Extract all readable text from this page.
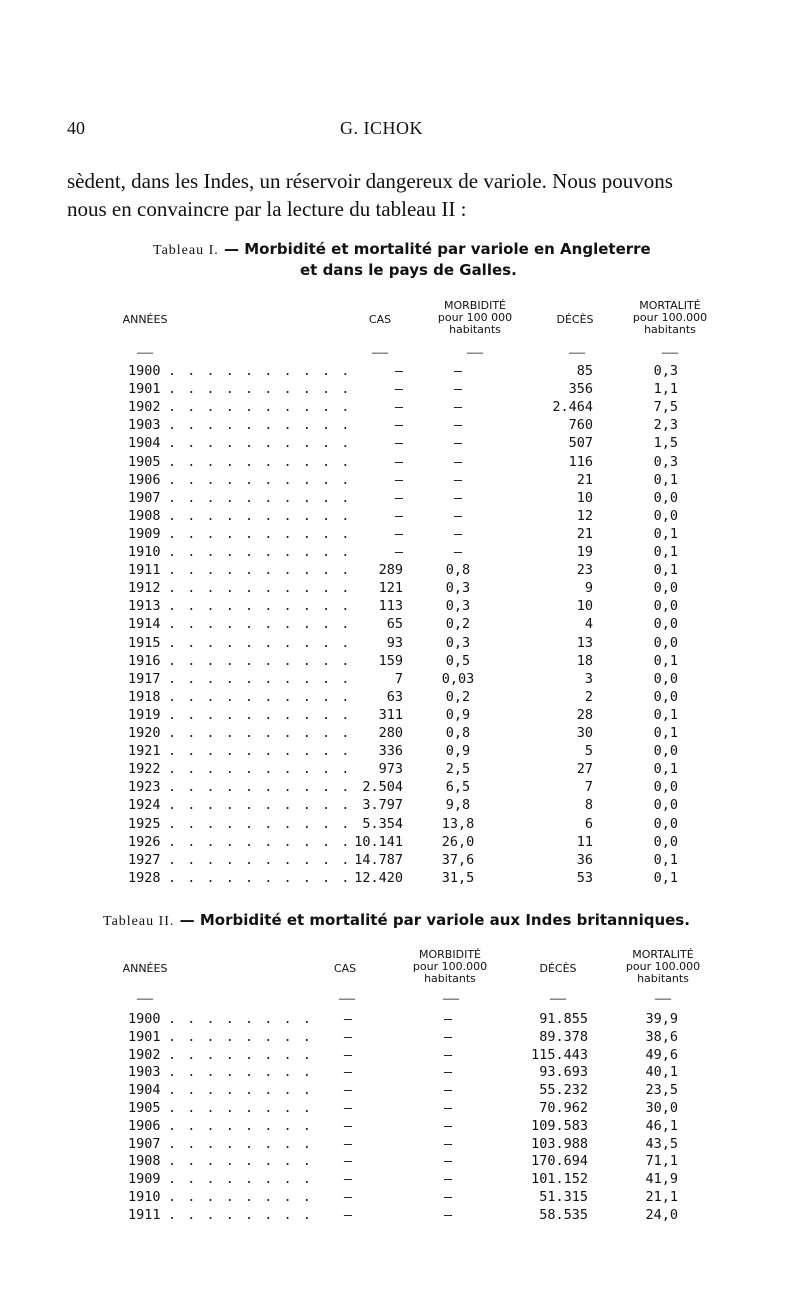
40	G. ICHOK
sèdent, dans les Indes, un réservoir dangereux de variole. Nous pouvons
nous en convaincre par la lecture du tableau II :
Tableau I. — Morbidité et mortalité par variole en Angleterre
et dans le pays de Galles.
ANNÉES	CAS
MORBIDITÉ
pour 100 000
habitants
DÉCÈS
MORTALITÉ
pour 100.000
habitants
—	—	—	—	—
1900 . . . . . . . . . .	—	—	85	0,3
1901 . . . . . . . . . .	—	—	356	1,1
1902 . . . . . . . . . .	—	—	2.464	7,5
1903 . . . . . . . . . .	—	—	760	2,3
1904 . . . . . . . . . .	—	—	507	1,5
1905 . . . . . . . . . .	—	—	116	0,3
1906 . . . . . . . . . .	—	—	21	0,1
1907 . . . . . . . . . .	—	—	10	0,0
1908 . . . . . . . . . .	—	—	12	0,0
1909 . . . . . . . . . .	—	—	21	0,1
1910 . . . . . . . . . .	—	—	19	0,1
1911 . . . . . . . . . .	289	0,8	23	0,1
1912 . . . . . . . . . .	121	0,3	9	0,0
1913 . . . . . . . . . .	113	0,3	10	0,0
1914 . . . . . . . . . .	65	0,2	4	0,0
1915 . . . . . . . . . .	93	0,3	13	0,0
1916 . . . . . . . . . .	159	0,5	18	0,1
1917 . . . . . . . . . .	7	0,03	3	0,0
1918 . . . . . . . . . .	63	0,2	2	0,0
1919 . . . . . . . . . .	311	0,9	28	0,1
1920 . . . . . . . . . .	280	0,8	30	0,1
1921 . . . . . . . . . .	336	0,9	5	0,0
1922 . . . . . . . . . .	973	2,5	27	0,1
1923 . . . . . . . . . . 2.504	6,5	7	0,0
1924 . . . . . . . . . . 3.797	9,8	8	0,0
1925 . . . . . . . . . . 5.354	13,8	6	0,0
1926 . . . . . . . . . . 10.141	26,0	11	0,0
1927 . . . . . . . . . . 14.787	37,6	36	0,1
1928 . . . . . . . . . . 12.420	31,5	53	0,1
Tableau II. — Morbidité et mortalité par variole aux Indes britanniques.
ANNÉES	CAS
MORBIDITÉ
pour 100.000
habitants
DÉCÈS
MORTALITÉ
pour 100.000
habitants
—	—	—	—	—
1900 . . . . . . . .	—	—	91.855	39,9
1901 . . . . . . . .	—	—	89.378	38,6
1902 . . . . . . . .	—	—	115.443	49,6
1903 . . . . . . . .	—	—	93.693	40,1
1904 . . . . . . . .	—	—	55.232	23,5
1905 . . . . . . . .	—	—	70.962	30,0
1906 . . . . . . . .	—	—	109.583	46,1
1907 . . . . . . . .	—	—	103.988	43,5
1908 . . . . . . . .	—	—	170.694	71,1
1909 . . . . . . . .	—	—	101.152	41,9
1910 . . . . . . . .	—	—	51.315	21,1
1911 . . . . . . . .	—	—	58.535	24,0
